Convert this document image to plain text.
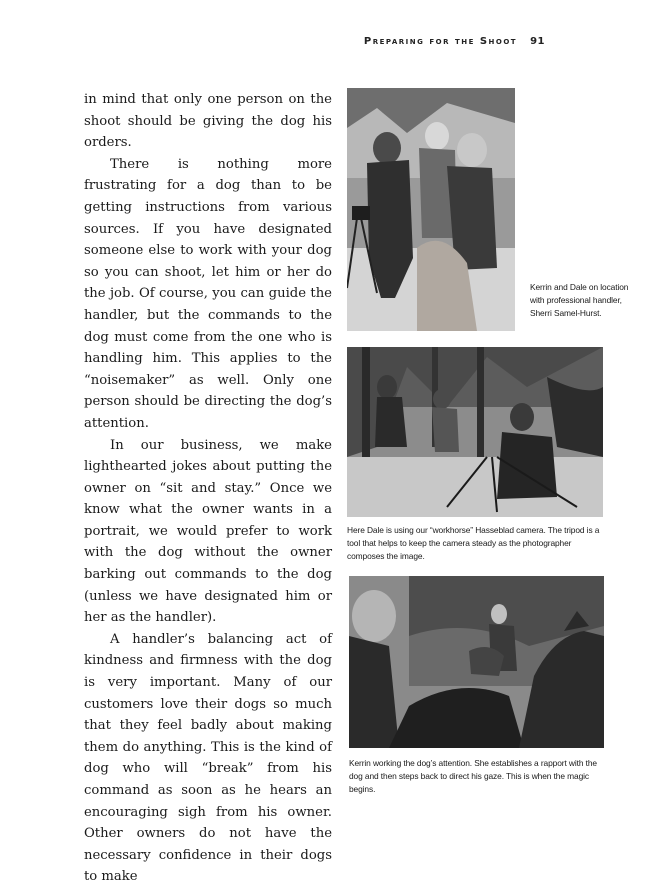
Preparing for the Shoot 91

in mind that only one person on the shoot should be giving the dog his orders.

There is nothing more frustrating for a dog than to be getting instructions from various sources. If you have designated someone else to work with your dog so you can shoot, let him or her do the job. Of course, you can guide the handler, but the commands to the dog must come from the one who is handling him. This applies to the “noisemaker” as well. Only one person should be directing the dog’s attention.

In our business, we make lighthearted jokes about putting the owner on “sit and stay.” Once we know what the owner wants in a portrait, we would prefer to work with the dog without the owner barking out commands to the dog (unless we have designated him or her as the handler).

A handler’s balancing act of kindness and firmness with the dog is very important. Many of our customers love their dogs so much that they feel badly about making them do anything. This is the kind of dog who will “break” from his command as soon as he hears an encouraging sigh from his owner. Other owners do not have the necessary confidence in their dogs to make

Kerrin and Dale on location with professional handler, Sherri Samel-Hurst.
Here Dale is using our “workhorse” Hasseblad camera. The tripod is a tool that helps to keep the camera steady as the photographer composes the image.
Kerrin working the dog’s attention. She establishes a rapport with the dog and then steps back to direct his gaze. This is when the magic begins.
